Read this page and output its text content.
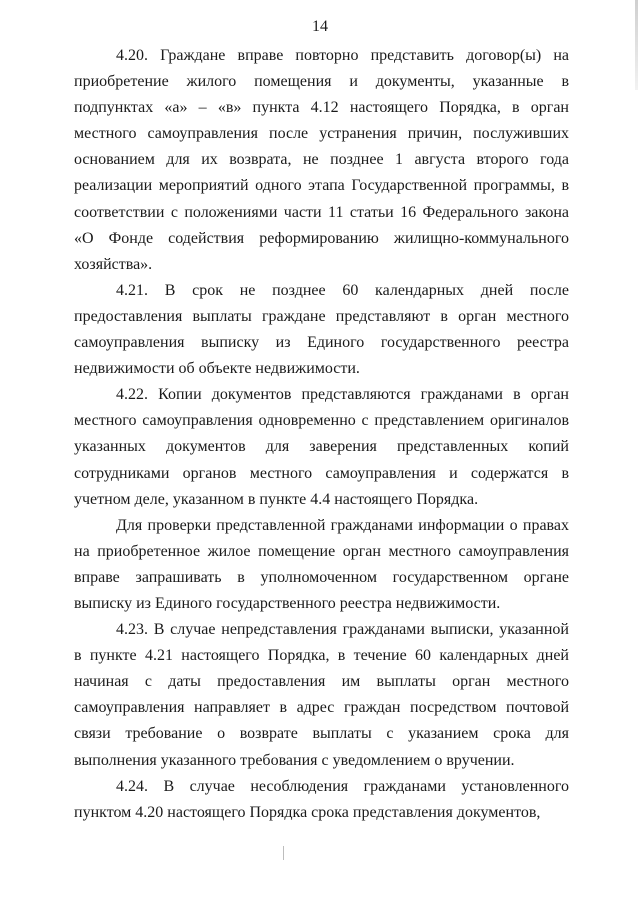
14

4.20. Граждане вправе повторно представить договор(ы) на приобретение жилого помещения и документы, указанные в подпунктах «а» – «в» пункта 4.12 настоящего Порядка, в орган местного самоуправления после устранения причин, послуживших основанием для их возврата, не позднее 1 августа второго года реализации мероприятий одного этапа Государственной программы, в соответствии с положениями части 11 статьи 16 Федерального закона «О Фонде содействия реформированию жилищно-коммунального хозяйства».

4.21. В срок не позднее 60 календарных дней после предоставления выплаты граждане представляют в орган местного самоуправления выписку из Единого государственного реестра недвижимости об объекте недвижимости.

4.22. Копии документов представляются гражданами в орган местного самоуправления одновременно с представлением оригиналов указанных документов для заверения представленных копий сотрудниками органов местного самоуправления и содержатся в учетном деле, указанном в пункте 4.4 настоящего Порядка.

Для проверки представленной гражданами информации о правах на приобретенное жилое помещение орган местного самоуправления вправе запрашивать в уполномоченном государственном органе выписку из Единого государственного реестра недвижимости.

4.23. В случае непредставления гражданами выписки, указанной в пункте 4.21 настоящего Порядка, в течение 60 календарных дней начиная с даты предоставления им выплаты орган местного самоуправления направляет в адрес граждан посредством почтовой связи требование о возврате выплаты с указанием срока для выполнения указанного требования с уведомлением о вручении.

4.24. В случае несоблюдения гражданами установленного пунктом 4.20 настоящего Порядка срока представления документов,
